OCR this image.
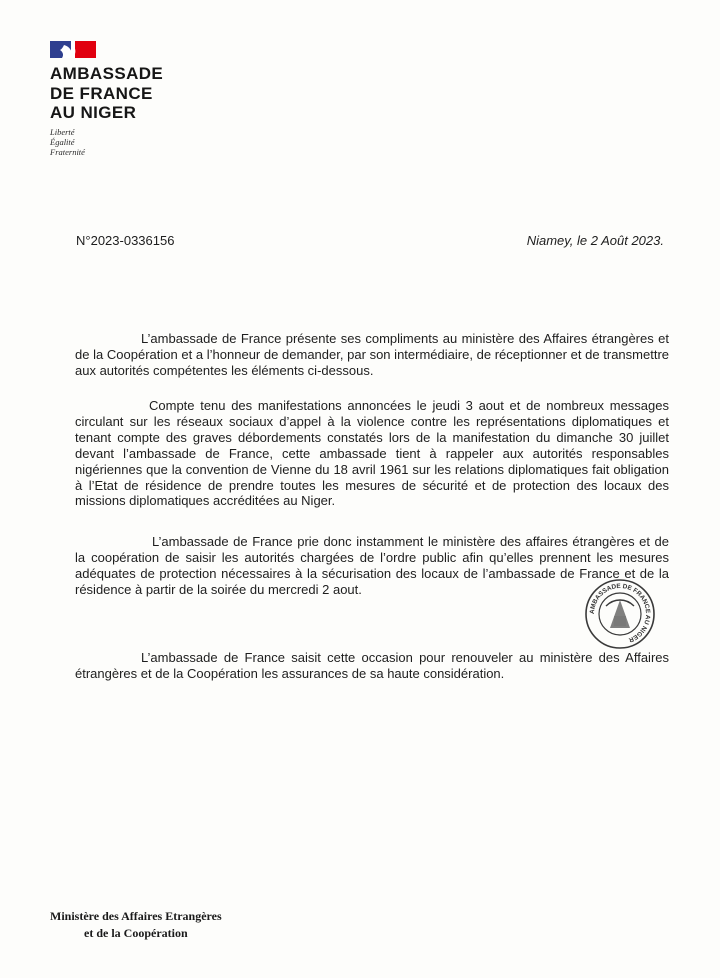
AMBASSADE
DE FRANCE
AU NIGER
Liberté
Égalité
Fraternité
N°2023-0336156	Niamey, le 2 Août 2023.

L’ambassade de France présente ses compliments au ministère des Affaires étrangères et de la Coopération et a l’honneur de demander, par son intermédiaire, de réceptionner et de transmettre aux autorités compétentes les éléments ci-dessous.

Compte tenu des manifestations annoncées le jeudi 3 aout et de nombreux messages circulant sur les réseaux sociaux d’appel à la violence contre les représentations diplomatiques et tenant compte des graves débordements constatés lors de la manifestation du dimanche 30 juillet devant l’ambassade de France, cette ambassade tient à rappeler aux autorités responsables nigériennes que la convention de Vienne du 18 avril 1961 sur les relations diplomatiques fait obligation à l’Etat de résidence de prendre toutes les mesures de sécurité et de protection des locaux des missions diplomatiques accréditées au Niger.

L’ambassade de France prie donc instamment le ministère des affaires étrangères et de la coopération de saisir les autorités chargées de l’ordre public afin qu’elles prennent les mesures adéquates de protection nécessaires à la sécurisation des locaux de l’ambassade de France et de la résidence à partir de la soirée du mercredi 2 aout.

L’ambassade de France saisit cette occasion pour renouveler au ministère des Affaires étrangères et de la Coopération les assurances de sa haute considération.

AMBASSADE DE FRANCE AU NIGER
Ministère des Affaires Etrangères
et de la Coopération
